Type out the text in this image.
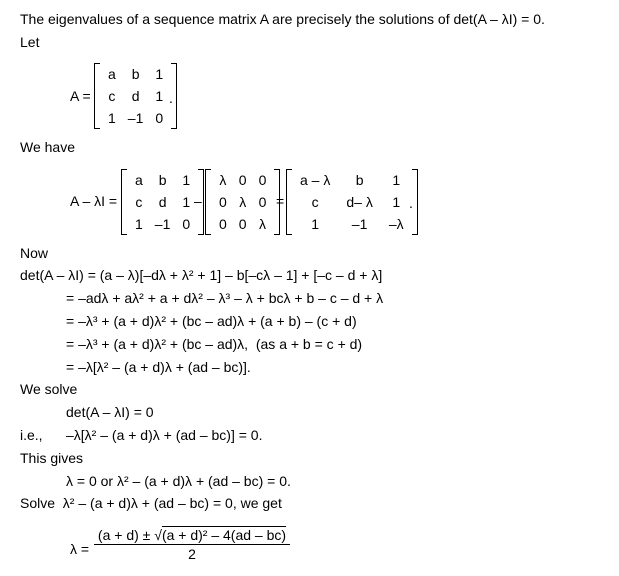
The eigenvalues of a sequence matrix A are precisely the solutions of det(A – λI) = 0.
Let
A =
a	b	1
c	d	1
1	–1	0
.
We have
A – λI =
a	b	1
c	d	1
1	–1	0
–
λ	0	0
0	λ	0
0	0	λ
=
a – λ	b	1
c	d– λ	1
1	–1	–λ
.
Now
det(A – λI) = (a – λ)[–dλ + λ² + 1] – b[–cλ – 1] + [–c – d + λ]
= –adλ + aλ² + a + dλ² – λ³ – λ + bcλ + b – c – d + λ
= –λ³ + (a + d)λ² + (bc – ad)λ + (a + b) – (c + d)
= –λ³ + (a + d)λ² + (bc – ad)λ,  (as a + b = c + d)
= –λ[λ² – (a + d)λ + (ad – bc)].
We solve
det(A – λI) = 0
i.e., –λ[λ² – (a + d)λ + (ad – bc)] = 0.
This gives
λ = 0 or λ² – (a + d)λ + (ad – bc) = 0.
Solve  λ² – (a + d)λ + (ad – bc) = 0, we get
λ =
(a + d) ± √(a + d)² – 4(ad – bc)
2
